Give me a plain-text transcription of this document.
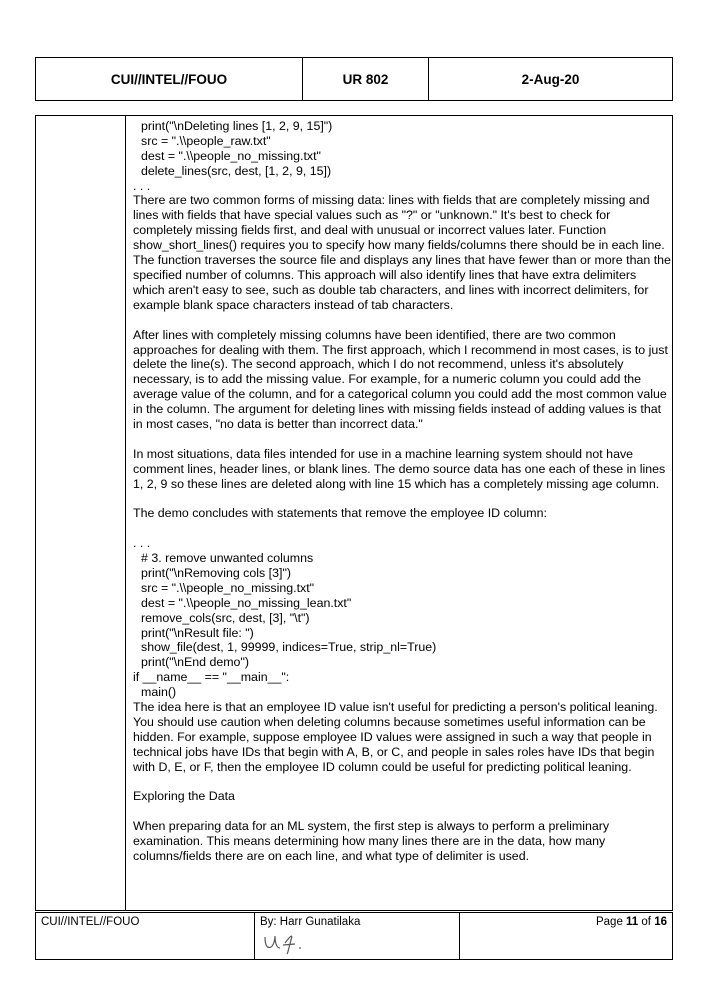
CUI//INTEL//FOUO	UR 802	2-Aug-20
print("\nDeleting lines [1, 2, 9, 15]")
src = ".\\people_raw.txt"
dest = ".\\people_no_missing.txt"
delete_lines(src, dest, [1, 2, 9, 15])
. . .

There are two common forms of missing data: lines with fields that are completely missing and lines with fields that have special values such as "?" or "unknown." It's best to check for completely missing fields first, and deal with unusual or incorrect values later. Function show_short_lines() requires you to specify how many fields/columns there should be in each line. The function traverses the source file and displays any lines that have fewer than or more than the specified number of columns. This approach will also identify lines that have extra delimiters which aren't easy to see, such as double tab characters, and lines with incorrect delimiters, for example blank space characters instead of tab characters.

After lines with completely missing columns have been identified, there are two common approaches for dealing with them. The first approach, which I recommend in most cases, is to just delete the line(s). The second approach, which I do not recommend, unless it's absolutely necessary, is to add the missing value. For example, for a numeric column you could add the average value of the column, and for a categorical column you could add the most common value in the column. The argument for deleting lines with missing fields instead of adding values is that in most cases, "no data is better than incorrect data."

In most situations, data files intended for use in a machine learning system should not have comment lines, header lines, or blank lines. The demo source data has one each of these in lines 1, 2, 9 so these lines are deleted along with line 15 which has a completely missing age column.

The demo concludes with statements that remove the employee ID column:

. . .
# 3. remove unwanted columns
print("\nRemoving cols [3]")
src = ".\\people_no_missing.txt"
dest = ".\\people_no_missing_lean.txt"
remove_cols(src, dest, [3], "\t")
print("\nResult file: ")
show_file(dest, 1, 99999, indices=True, strip_nl=True)
print("\nEnd demo")
if __name__ == "__main__":
main()

The idea here is that an employee ID value isn't useful for predicting a person's political leaning. You should use caution when deleting columns because sometimes useful information can be hidden. For example, suppose employee ID values were assigned in such a way that people in technical jobs have IDs that begin with A, B, or C, and people in sales roles have IDs that begin with D, E, or F, then the employee ID column could be useful for predicting political leaning.

Exploring the Data

When preparing data for an ML system, the first step is always to perform a preliminary examination. This means determining how many lines there are in the data, how many columns/fields there are on each line, and what type of delimiter is used.

CUI//INTEL//FOUO	By: Harr Gunatilaka	Page 11 of 16
